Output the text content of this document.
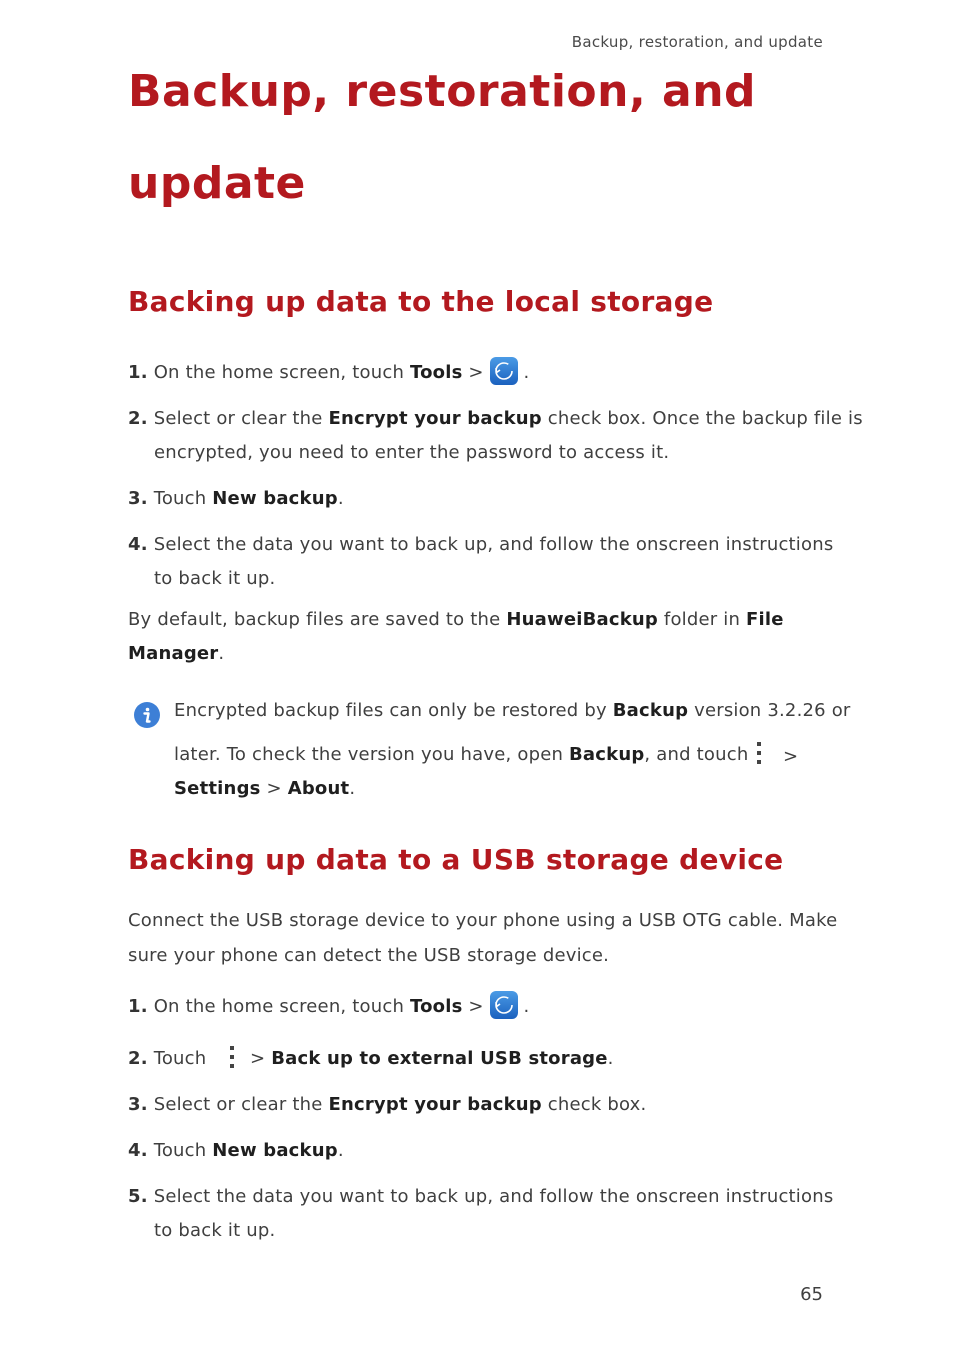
Backup, restoration, and update
Backup, restoration, and
update
Backing up data to the local storage
1. On the home screen, touch Tools >
.
2. Select or clear the Encrypt your backup check box. Once the backup file is
encrypted, you need to enter the password to access it.
3. Touch New backup.
4. Select the data you want to back up, and follow the onscreen instructions
to back it up.
By default, backup files are saved to the HuaweiBackup folder in File
Manager.
Encrypted backup files can only be restored by Backup version 3.2.26 or
later. To check the version you have, open Backup, and touch >
Settings > About.
Backing up data to a USB storage device
Connect the USB storage device to your phone using a USB OTG cable. Make
sure your phone can detect the USB storage device.
1. On the home screen, touch Tools >
.
2. Touch > Back up to external USB storage.
3. Select or clear the Encrypt your backup check box.
4. Touch New backup.
5. Select the data you want to back up, and follow the onscreen instructions
to back it up.
65
